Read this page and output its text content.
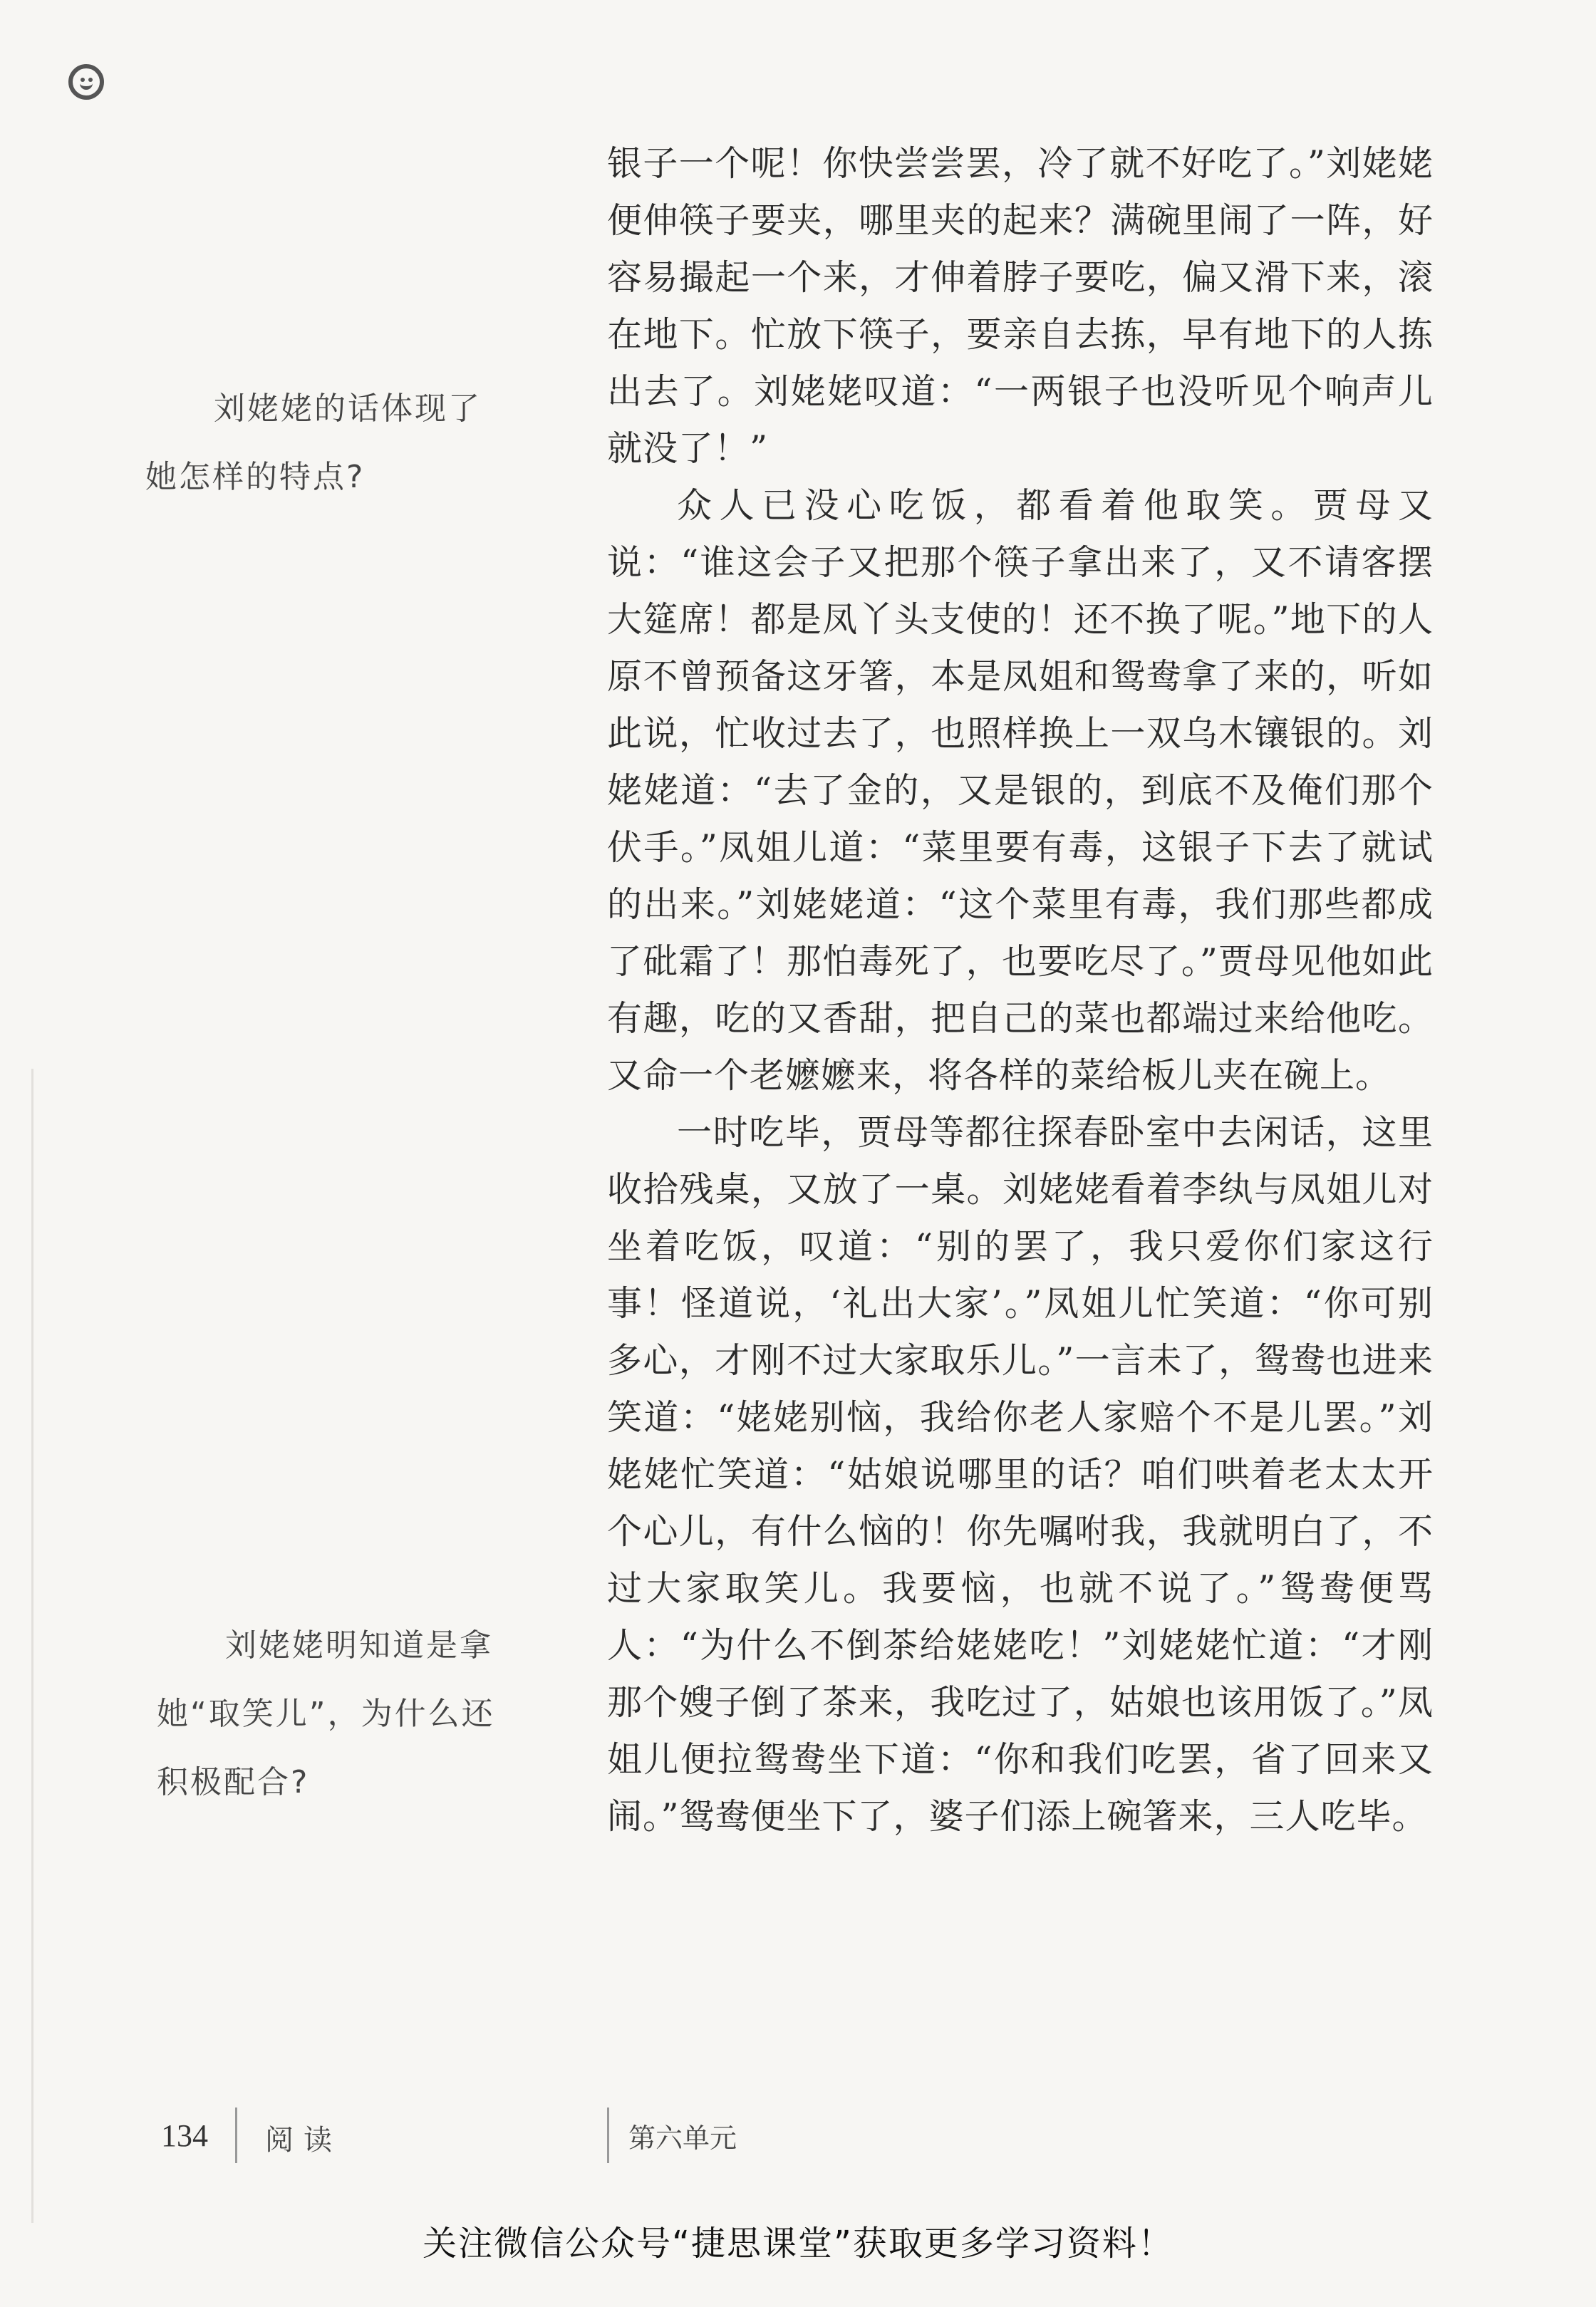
刘姥姥的话体现了她怎样的特点?
刘姥姥明知道是拿她“取笑儿”，为什么还积极配合?

银子一个呢！你快尝尝罢，冷了就不好吃了。”刘姥姥便伸筷子要夹，哪里夹的起来？满碗里闹了一阵，好容易撮起一个来，才伸着脖子要吃，偏又滑下来，滚在地下。忙放下筷子，要亲自去拣，早有地下的人拣出去了。刘姥姥叹道：“一两银子也没听见个响声儿就没了！”

众人已没心吃饭，都看着他取笑。贾母又说：“谁这会子又把那个筷子拿出来了，又不请客摆大筵席！都是凤丫头支使的！还不换了呢。”地下的人原不曾预备这牙箸，本是凤姐和鸳鸯拿了来的，听如此说，忙收过去了，也照样换上一双乌木镶银的。刘姥姥道：“去了金的，又是银的，到底不及俺们那个伏手。”凤姐儿道：“菜里要有毒，这银子下去了就试的出来。”刘姥姥道：“这个菜里有毒，我们那些都成了砒霜了！那怕毒死了，也要吃尽了。”贾母见他如此有趣，吃的又香甜，把自己的菜也都端过来给他吃。又命一个老嬷嬷来，将各样的菜给板儿夹在碗上。

一时吃毕，贾母等都往探春卧室中去闲话，这里收拾残桌，又放了一桌。刘姥姥看着李纨与凤姐儿对坐着吃饭，叹道：“别的罢了，我只爱你们家这行事！怪道说，‘礼出大家’。”凤姐儿忙笑道：“你可别多心，才刚不过大家取乐儿。”一言未了，鸳鸯也进来笑道：“姥姥别恼，我给你老人家赔个不是儿罢。”刘姥姥忙笑道：“姑娘说哪里的话？咱们哄着老太太开个心儿，有什么恼的！你先嘱咐我，我就明白了，不过大家取笑儿。我要恼，也就不说了。”鸳鸯便骂人：“为什么不倒茶给姥姥吃！”刘姥姥忙道：“才刚那个嫂子倒了茶来，我吃过了，姑娘也该用饭了。”凤姐儿便拉鸳鸯坐下道：“你和我们吃罢，省了回来又闹。”鸳鸯便坐下了，婆子们添上碗箸来，三人吃毕。

134 阅读	第六单元
关注微信公众号“捷思课堂”获取更多学习资料！
